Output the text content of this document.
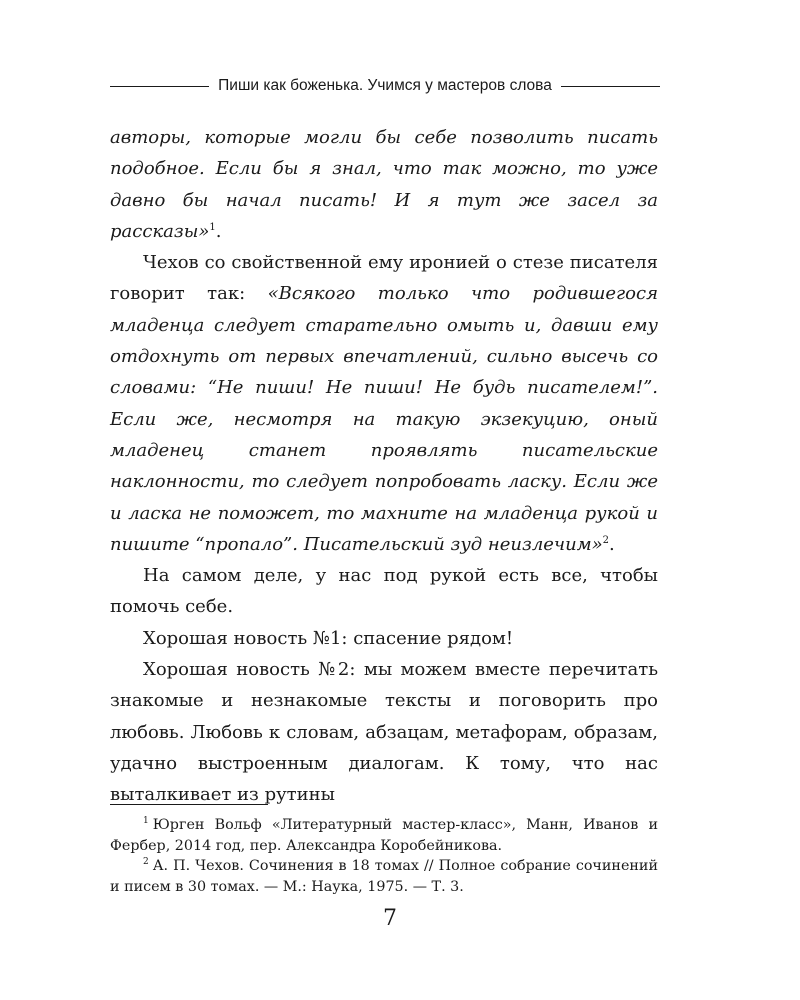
Пиши как боженька. Учимся у мастеров слова

авторы, которые могли бы себе позволить писать подобное. Если бы я знал, что так можно, то уже давно бы начал писать! И я тут же засел за рассказы»$^1$.

Чехов со свойственной ему иронией о стезе писателя говорит так: «Всякого только что родившегося младенца следует старательно омыть и, давши ему отдохнуть от первых впечатлений, сильно высечь со словами: “Не пиши! Не пиши! Не будь писателем!”. Если же, несмотря на такую экзекуцию, оный младенец станет проявлять писательские наклонности, то следует попробовать ласку. Если же и ласка не поможет, то махните на младенца рукой и пишите “пропало”. Писательский зуд неизлечим»$^2$.

На самом деле, у нас под рукой есть все, чтобы помочь себе.

Хорошая новость №1: спасение рядом!

Хорошая новость №2: мы можем вместе перечитать знакомые и незнакомые тексты и поговорить про любовь. Любовь к словам, абзацам, метафорам, образам, удачно выстроенным диалогам. К тому, что нас выталкивает из рутины

$^1$ Юрген Вольф «Литературный мастер-класс», Манн, Иванов и Фербер, 2014 год, пер. Александра Коробейникова.

$^2$ А. П. Чехов. Сочинения в 18 томах // Полное собрание сочинений и писем в 30 томах. — М.: Наука, 1975. — Т. 3.

7
